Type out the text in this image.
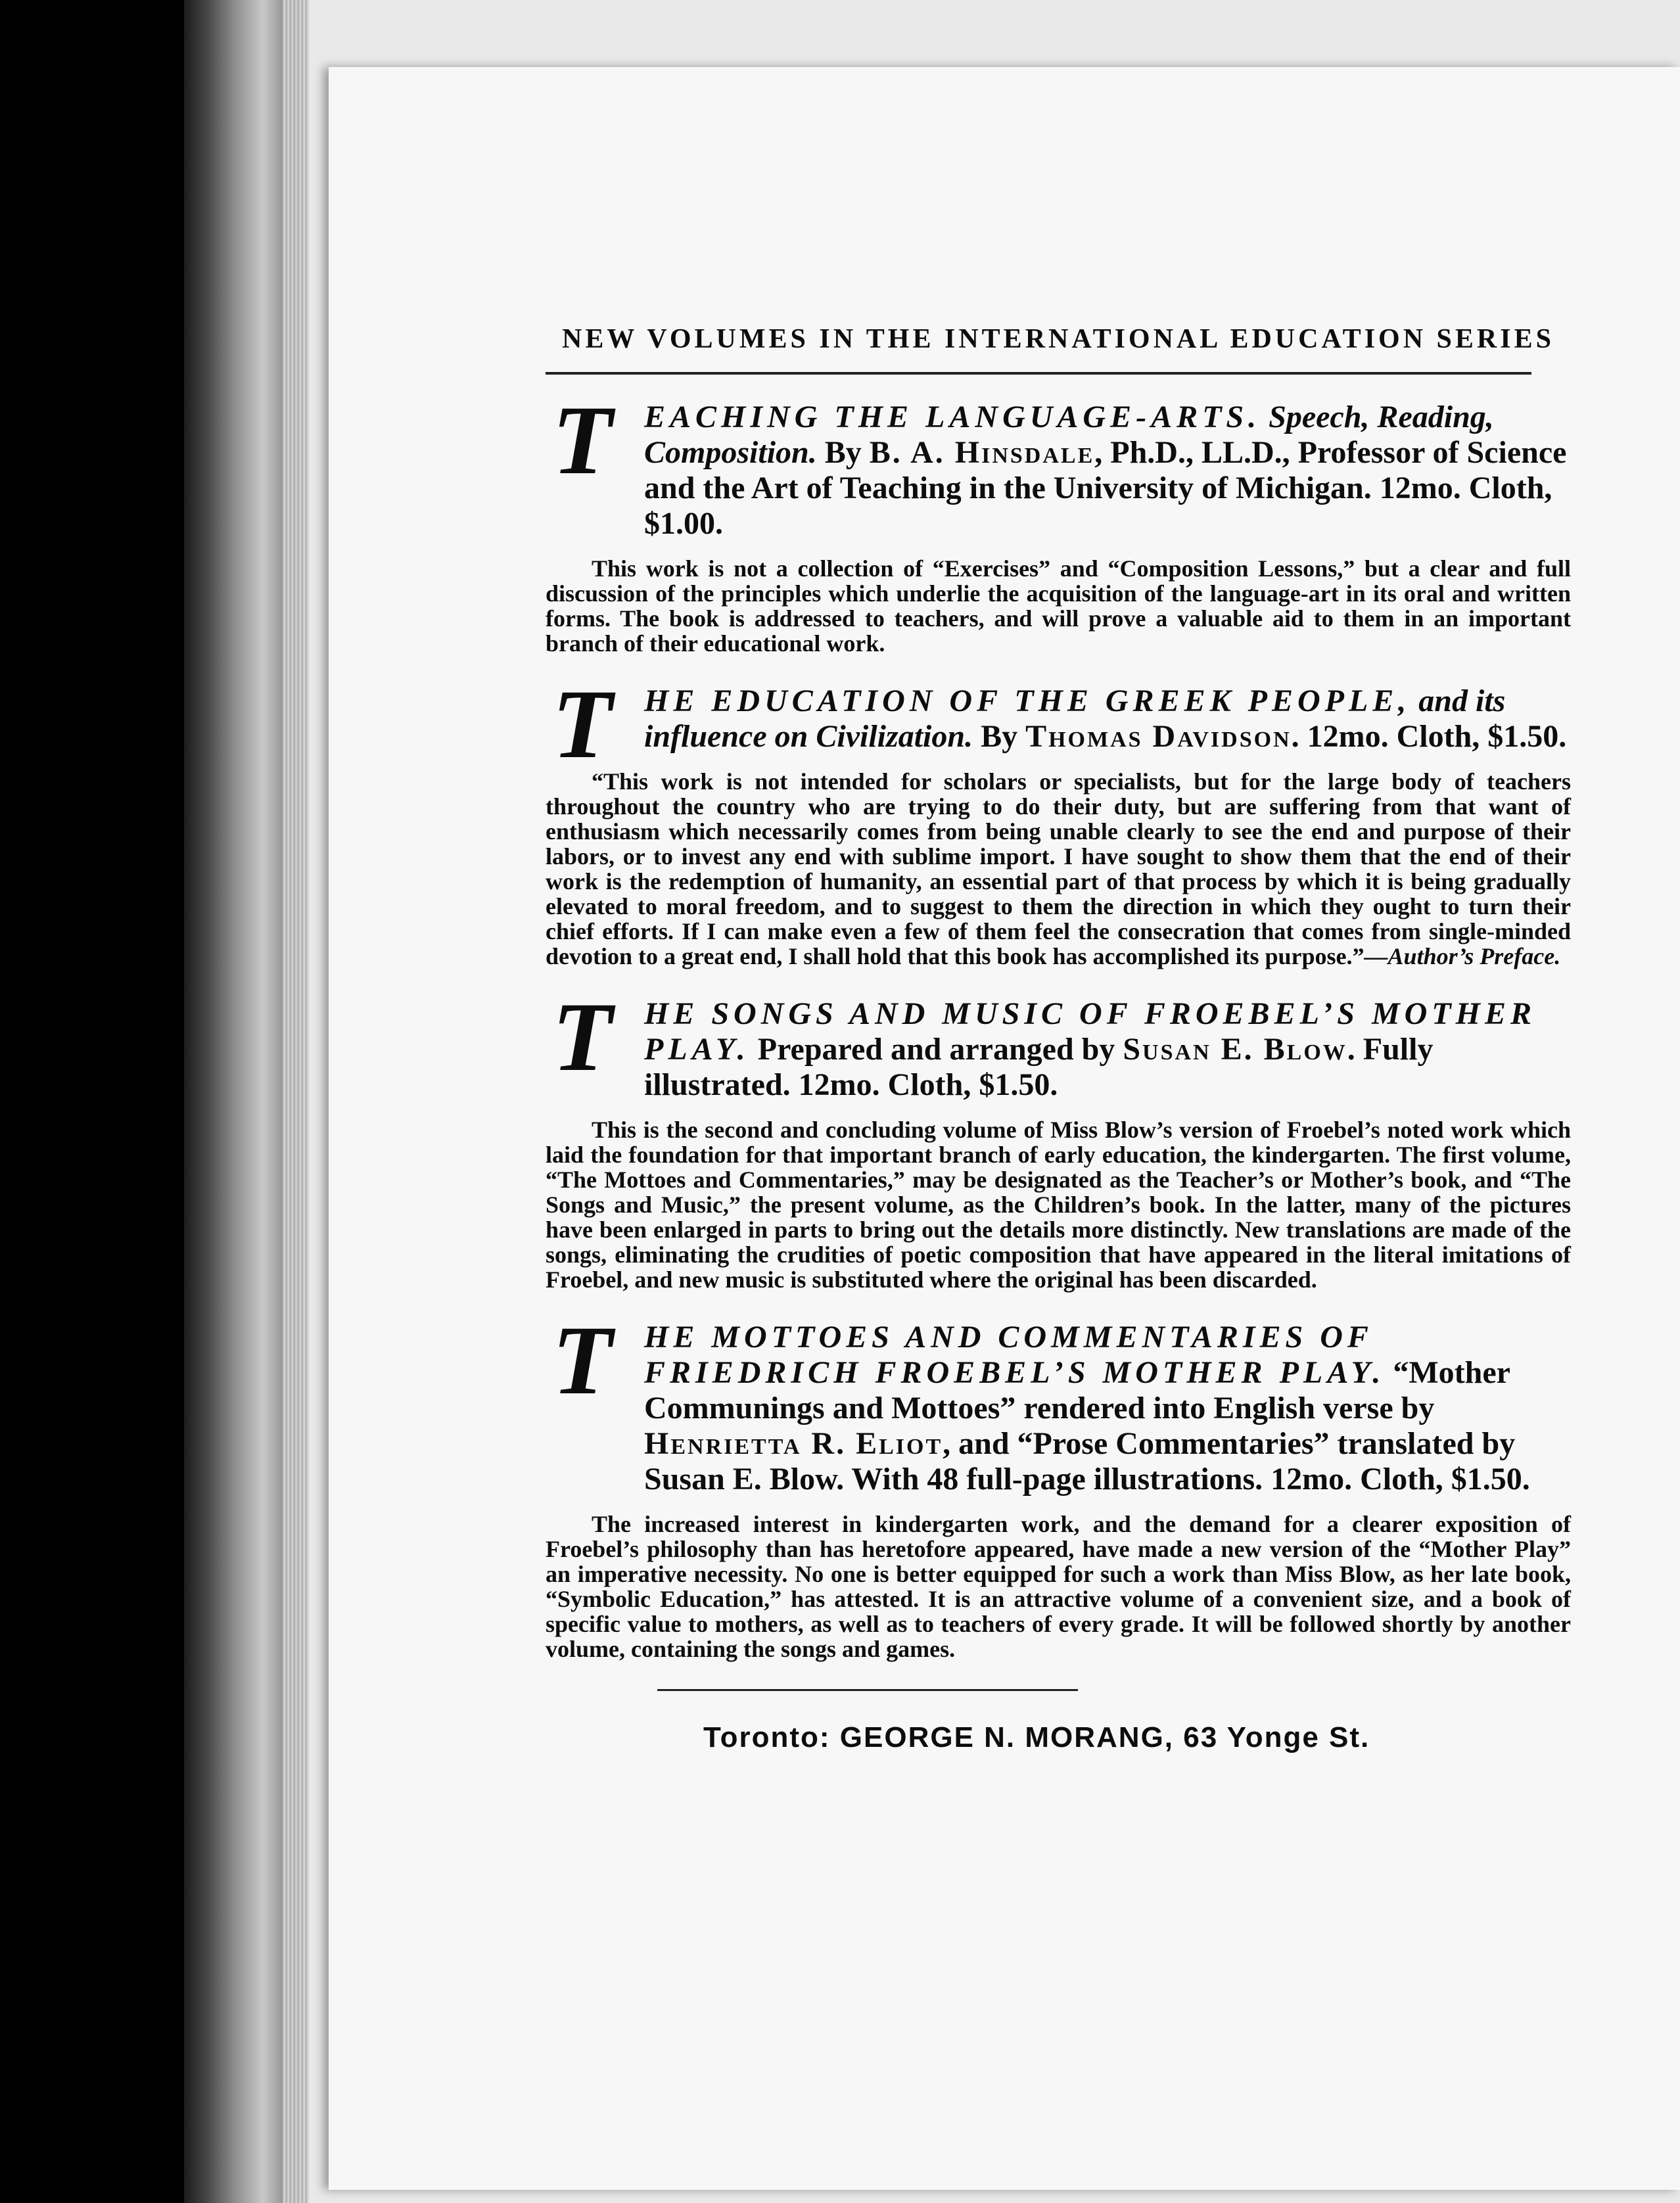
NEW VOLUMES IN THE INTERNATIONAL EDUCATION SERIES
T EACHING THE LANGUAGE-ARTS. Speech, Reading, Composition. By B. A. Hinsdale, Ph.D., LL.D., Professor of Science and the Art of Teaching in the University of Michigan. 12mo. Cloth, $1.00.
This work is not a collection of “Exercises” and “Composition Lessons,” but a clear and full discussion of the principles which underlie the acquisition of the language-art in its oral and written forms. The book is addressed to teachers, and will prove a valuable aid to them in an important branch of their educational work.
T HE EDUCATION OF THE GREEK PEOPLE, and its influence on Civilization. By Thomas Davidson. 12mo. Cloth, $1.50.
“This work is not intended for scholars or specialists, but for the large body of teachers throughout the country who are trying to do their duty, but are suffering from that want of enthusiasm which necessarily comes from being unable clearly to see the end and purpose of their labors, or to invest any end with sublime import. I have sought to show them that the end of their work is the redemption of humanity, an essential part of that process by which it is being gradually elevated to moral freedom, and to suggest to them the direction in which they ought to turn their chief efforts. If I can make even a few of them feel the consecration that comes from single-minded devotion to a great end, I shall hold that this book has accomplished its purpose.”—Author’s Preface.
T HE SONGS AND MUSIC OF FROEBEL’S MOTHER PLAY. Prepared and arranged by Susan E. Blow. Fully illustrated. 12mo. Cloth, $1.50.
This is the second and concluding volume of Miss Blow’s version of Froebel’s noted work which laid the foundation for that important branch of early education, the kindergarten. The first volume, “The Mottoes and Commentaries,” may be designated as the Teacher’s or Mother’s book, and “The Songs and Music,” the present volume, as the Children’s book. In the latter, many of the pictures have been enlarged in parts to bring out the details more distinctly. New translations are made of the songs, eliminating the crudities of poetic composition that have appeared in the literal imitations of Froebel, and new music is substituted where the original has been discarded.
T HE MOTTOES AND COMMENTARIES OF FRIEDRICH FROEBEL’S MOTHER PLAY. “Mother Communings and Mottoes” rendered into English verse by Henrietta R. Eliot, and “Prose Commentaries” translated by Susan E. Blow. With 48 full-page illustrations. 12mo. Cloth, $1.50.
The increased interest in kindergarten work, and the demand for a clearer exposition of Froebel’s philosophy than has heretofore appeared, have made a new version of the “Mother Play” an imperative necessity. No one is better equipped for such a work than Miss Blow, as her late book, “Symbolic Education,” has attested. It is an attractive volume of a convenient size, and a book of specific value to mothers, as well as to teachers of every grade. It will be followed shortly by another volume, containing the songs and games.
Toronto: GEORGE N. MORANG, 63 Yonge St.
